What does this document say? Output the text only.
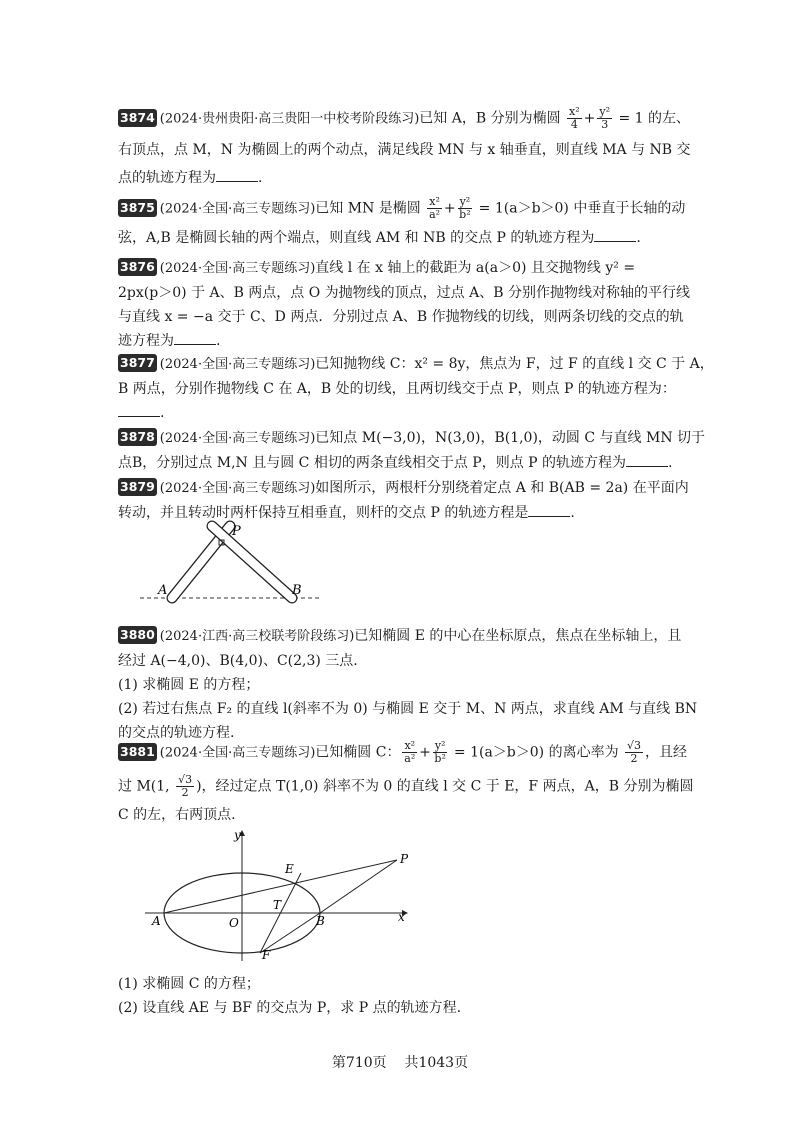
3874 (2024·贵州贵阳·高三贵阳一中校考阶段练习)已知 A，B 分别为椭圆 $\frac{\text{x²}}{4} + \frac{\text{y²}}{3} = 1$ 的左、
右顶点，点 M，N 为椭圆上的两个动点，满足线段 MN 与 x 轴垂直，则直线 MA 与 NB 交
点的轨迹方程为	.
3875 (2024·全国·高三专题练习)已知 MN 是椭圆 $\frac{\text{x²}}{\text{a²}} + \frac{\text{y²}}{\text{b²}} = 1(a>b>0)$ 中垂直于长轴的动
弦，A,B 是椭圆长轴的两个端点，则直线 AM 和 NB 的交点 P 的轨迹方程为	.
3876 (2024·全国·高三专题练习)直线 l 在 x 轴上的截距为 a(a＞0) 且交抛物线 y² =
2px(p＞0) 于 A、B 两点，点 O 为抛物线的顶点，过点 A、B 分别作抛物线对称轴的平行线
与直线 x = −a 交于 C、D 两点．分别过点 A、B 作抛物线的切线，则两条切线的交点的轨
迹方程为	.
3877 (2024·全国·高三专题练习)已知抛物线 C：x² = 8y，焦点为 F，过 F 的直线 l 交 C 于 A，
B 两点，分别作抛物线 C 在 A，B 处的切线，且两切线交于点 P，则点 P 的轨迹方程为：
.
3878 (2024·全国·高三专题练习)已知点 M(−3,0)，N(3,0)，B(1,0)，动圆 C 与直线 MN 切于
点B，分别过点 M,N 且与圆 C 相切的两条直线相交于点 P，则点 P 的轨迹方程为	.
3879 (2024·全国·高三专题练习)如图所示，两根杆分别绕着定点 A 和 B(AB = 2a) 在平面内
转动，并且转动时两杆保持互相垂直，则杆的交点 P 的轨迹方程是	.
P
A	B
3880 (2024·江西·高三校联考阶段练习)已知椭圆 E 的中心在坐标原点，焦点在坐标轴上，且
经过 A(−4,0)、B(4,0)、C(2,3) 三点.
(1) 求椭圆 E 的方程；
(2) 若过右焦点 F₂ 的直线 l(斜率不为 0) 与椭圆 E 交于 M、N 两点，求直线 AM 与直线 BN
的交点的轨迹方程.
3881 (2024·全国·高三专题练习)已知椭圆 C： $\frac{\text{x²}}{\text{a²}} + \frac{\text{y²}}{\text{b²}} = 1(a>b>0)$ 的离心率为 $\frac{√3}{2}$ ，且经
过 M(1, $\frac{√3}{2}$ )，经过定点 T(1,0) 斜率不为 0 的直线 l 交 C 于 E，F 两点，A，B 分别为椭圆
C 的左，右两顶点.
y
x
O
A	B
E
F
T
P
(1) 求椭圆 C 的方程；
(2) 设直线 AE 与 BF 的交点为 P，求 P 点的轨迹方程.
第710页 共1043页
